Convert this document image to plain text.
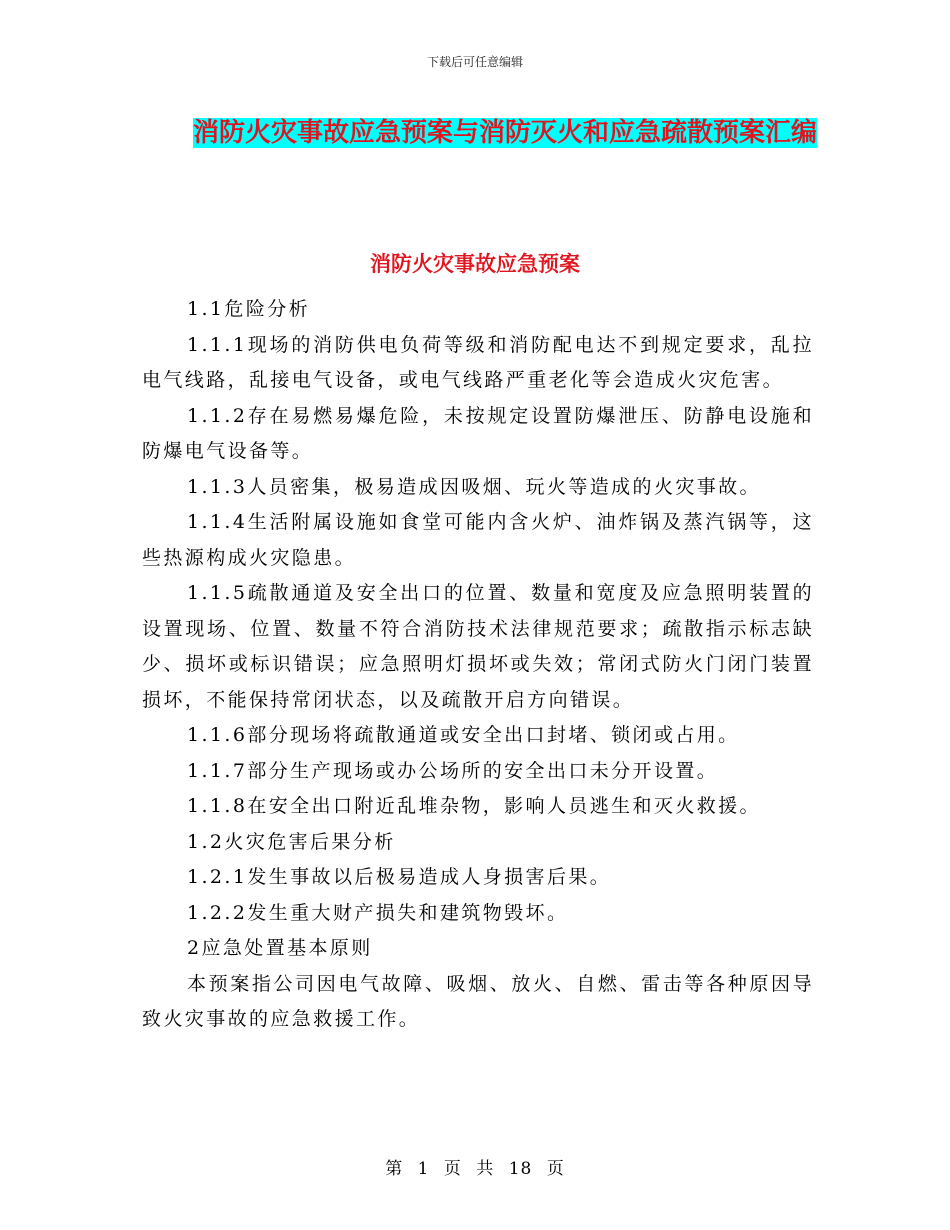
下载后可任意编辑
消防火灾事故应急预案与消防灭火和应急疏散预案汇编
消防火灾事故应急预案

1.1危险分析

1.1.1现场的消防供电负荷等级和消防配电达不到规定要求，乱拉电气线路，乱接电气设备，或电气线路严重老化等会造成火灾危害。

1.1.2存在易燃易爆危险，未按规定设置防爆泄压、防静电设施和防爆电气设备等。

1.1.3人员密集，极易造成因吸烟、玩火等造成的火灾事故。

1.1.4生活附属设施如食堂可能内含火炉、油炸锅及蒸汽锅等，这些热源构成火灾隐患。

1.1.5疏散通道及安全出口的位置、数量和宽度及应急照明装置的设置现场、位置、数量不符合消防技术法律规范要求；疏散指示标志缺少、损坏或标识错误；应急照明灯损坏或失效；常闭式防火门闭门装置损坏，不能保持常闭状态，以及疏散开启方向错误。

1.1.6部分现场将疏散通道或安全出口封堵、锁闭或占用。

1.1.7部分生产现场或办公场所的安全出口未分开设置。

1.1.8在安全出口附近乱堆杂物，影响人员逃生和灭火救援。

1.2火灾危害后果分析

1.2.1发生事故以后极易造成人身损害后果。

1.2.2发生重大财产损失和建筑物毁坏。

2应急处置基本原则

本预案指公司因电气故障、吸烟、放火、自燃、雷击等各种原因导致火灾事故的应急救援工作。

第 1 页 共 18 页
